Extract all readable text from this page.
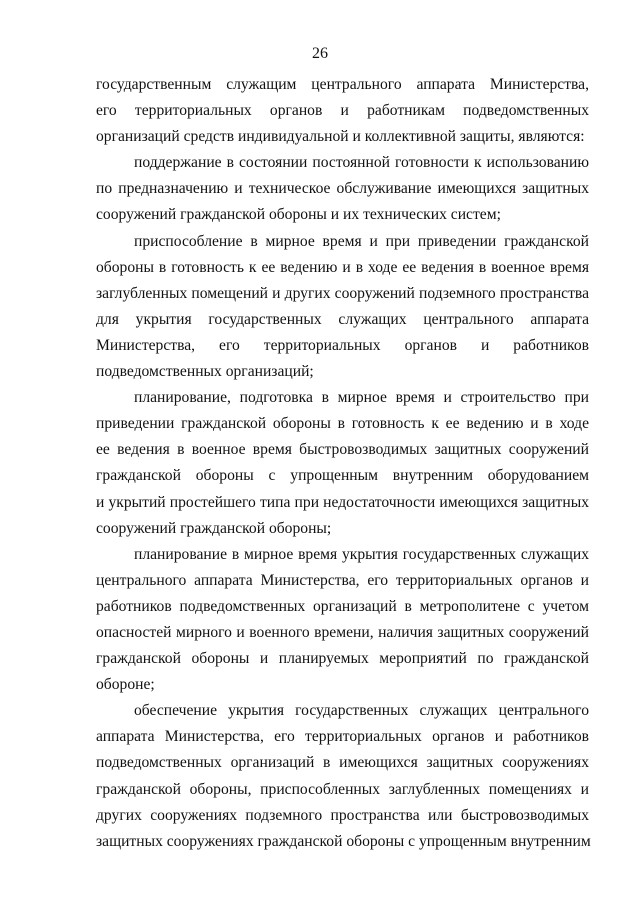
26

государственным служащим центрального аппарата Министерства,
его территориальных органов и работникам подведомственных
организаций средств индивидуальной и коллективной защиты, являются:

поддержание в состоянии постоянной готовности к использованию
по предназначению и техническое обслуживание имеющихся защитных
сооружений гражданской обороны и их технических систем;

приспособление в мирное время и при приведении гражданской
обороны в готовность к ее ведению и в ходе ее ведения в военное время
заглубленных помещений и других сооружений подземного пространства
для укрытия государственных служащих центрального аппарата
Министерства, его территориальных органов и работников
подведомственных организаций;

планирование, подготовка в мирное время и строительство при
приведении гражданской обороны в готовность к ее ведению и в ходе
ее ведения в военное время быстровозводимых защитных сооружений
гражданской обороны с упрощенным внутренним оборудованием
и укрытий простейшего типа при недостаточности имеющихся защитных
сооружений гражданской обороны;

планирование в мирное время укрытия государственных служащих
центрального аппарата Министерства, его территориальных органов и
работников подведомственных организаций в метрополитене с учетом
опасностей мирного и военного времени, наличия защитных сооружений
гражданской обороны и планируемых мероприятий по гражданской
обороне;

обеспечение укрытия государственных служащих центрального
аппарата Министерства, его территориальных органов и работников
подведомственных организаций в имеющихся защитных сооружениях
гражданской обороны, приспособленных заглубленных помещениях и
других сооружениях подземного пространства или быстровозводимых
защитных сооружениях гражданской обороны с упрощенным внутренним
